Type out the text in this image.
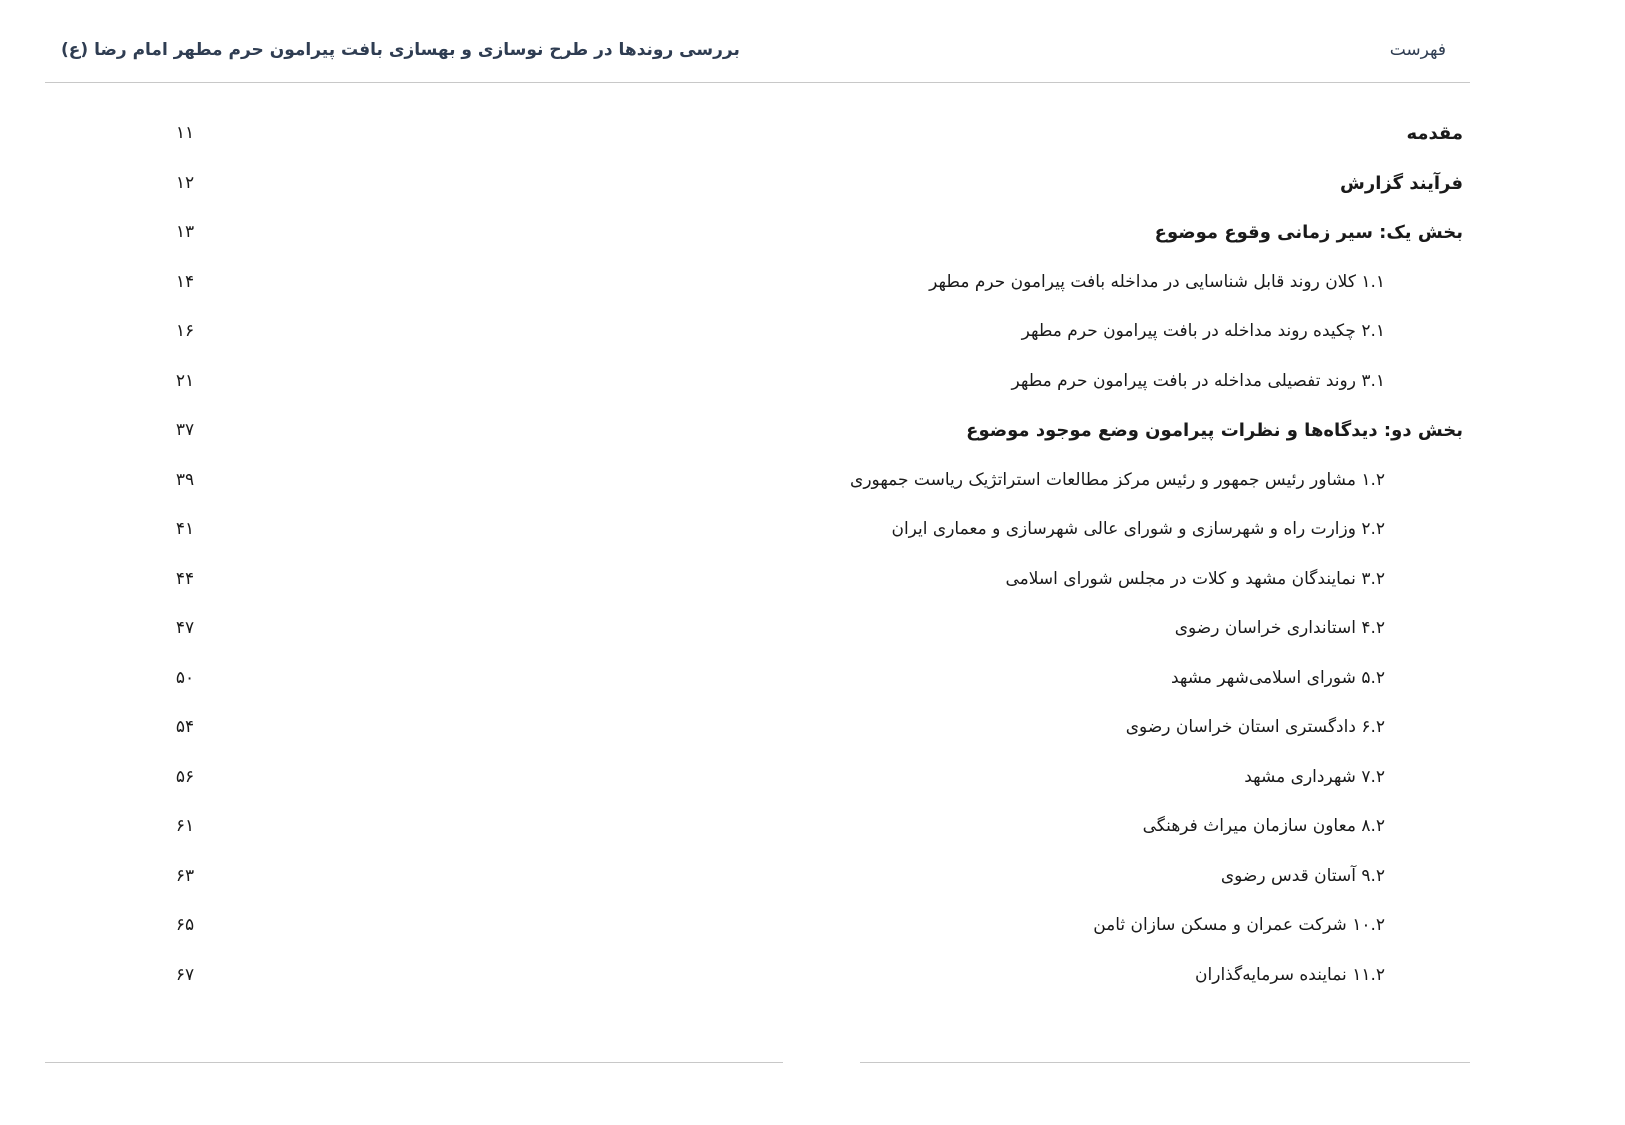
فهرست
بررسی روندها در طرح نوسازی و بهسازی بافت پیرامون حرم مطهر امام رضا (ع)
مقدمه
۱۱
فرآیند گزارش
۱۲
بخش یک: سیر زمانی وقوع موضوع
۱۳
۱.۱ کلان روند قابل شناسایی در مداخله بافت پیرامون حرم مطهر
۱۴
۲.۱ چکیده روند مداخله در بافت پیرامون حرم مطهر
۱۶
۳.۱ روند تفصیلی مداخله در بافت پیرامون حرم مطهر
۲۱
بخش دو: دیدگاه‌ها و نظرات پیرامون وضع موجود موضوع
۳۷
۱.۲ مشاور رئیس جمهور و رئیس مرکز مطالعات استراتژیک ریاست جمهوری
۳۹
۲.۲ وزارت راه و شهرسازی و شورای عالی شهرسازی و معماری ایران
۴۱
۳.۲ نمایندگان مشهد و کلات در مجلس شورای اسلامی
۴۴
۴.۲ استانداری خراسان رضوی
۴۷
۵.۲ شورای اسلامی‌شهر مشهد
۵۰
۶.۲ دادگستری استان خراسان رضوی
۵۴
۷.۲ شهرداری مشهد
۵۶
۸.۲ معاون سازمان میراث فرهنگی
۶۱
۹.۲ آستان قدس رضوی
۶۳
۱۰.۲ شرکت عمران و مسکن سازان ثامن
۶۵
۱۱.۲ نماینده سرمایه‌گذاران
۶۷
